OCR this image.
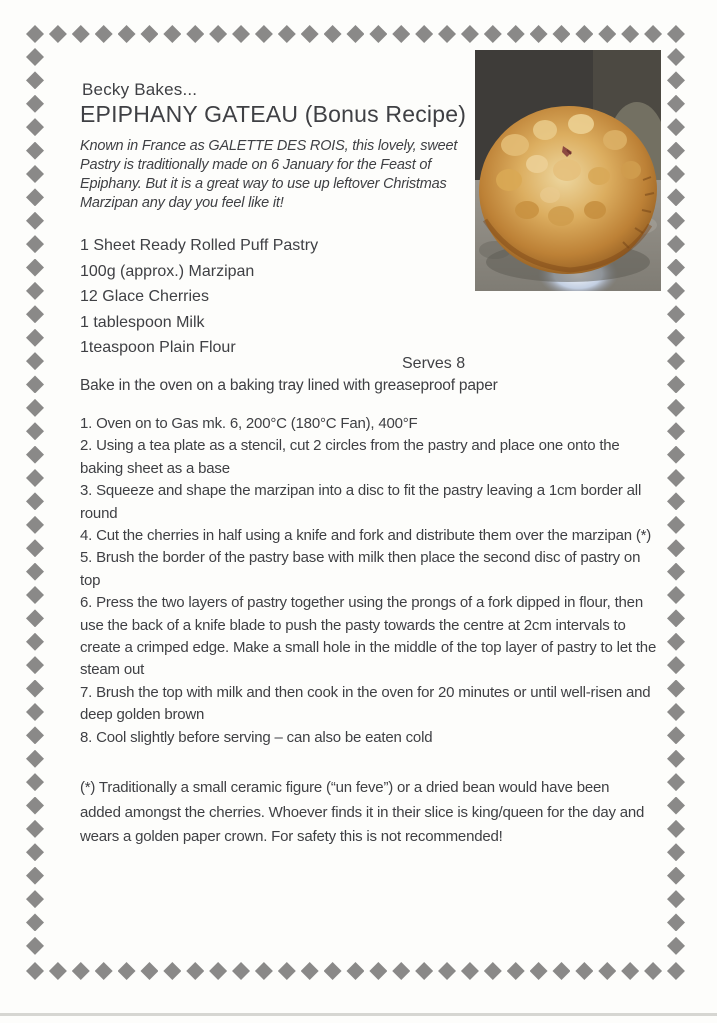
Becky Bakes...
EPIPHANY GATEAU (Bonus Recipe)

Known in France as GALETTE DES ROIS, this lovely, sweet Pastry is traditionally made on 6 January for the Feast of Epiphany. But it is a great way to use up leftover Christmas Marzipan any day you feel like it!

1 Sheet Ready Rolled Puff Pastry
100g (approx.) Marzipan
12 Glace Cherries
1 tablespoon Milk
1teaspoon Plain Flour
Serves 8
Bake in the oven on a baking tray lined with greaseproof paper

1. Oven on to Gas mk. 6, 200°C (180°C Fan), 400°F

2. Using a tea plate as a stencil, cut 2 circles from the pastry and place one onto the baking sheet as a base

3. Squeeze and shape the marzipan into a disc to fit the pastry leaving a 1cm border all round

4. Cut the cherries in half using a knife and fork and distribute them over the marzipan (*)

5. Brush the border of the pastry base with milk then place the second disc of pastry on top

6. Press the two layers of pastry together using the prongs of a fork dipped in flour, then use the back of a knife blade to push the pasty towards the centre at 2cm intervals to create a crimped edge. Make a small hole in the middle of the top layer of pastry to let the steam out

7. Brush the top with milk and then cook in the oven for 20 minutes or until well-risen and deep golden brown

8. Cool slightly before serving – can also be eaten cold

(*) Traditionally a small ceramic figure (“un feve”) or a dried bean would have been added amongst the cherries. Whoever finds it in their slice is king/queen for the day and wears a golden paper crown. For safety this is not recommended!
